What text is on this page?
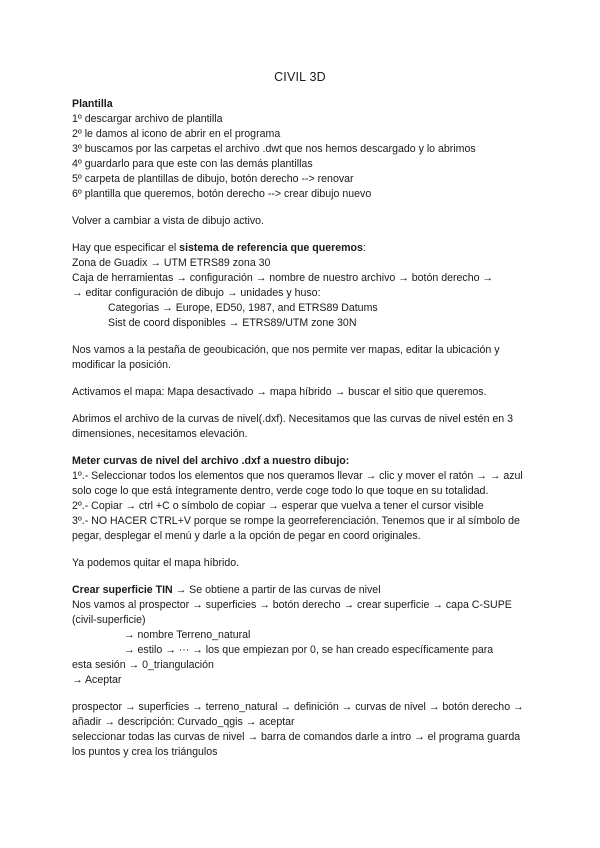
CIVIL 3D

Plantilla

1º descargar archivo de plantilla

2º le damos al icono de abrir en el programa

3º buscamos por las carpetas el archivo .dwt que nos hemos descargado y lo abrimos

4º guardarlo para que este con las demás plantillas

5º carpeta de plantillas de dibujo, botón derecho --> renovar

6º plantilla que queremos, botón derecho --> crear dibujo nuevo

Volver a cambiar a vista de dibujo activo.

Hay que especificar el sistema de referencia que queremos:

Zona de Guadix → UTM ETRS89 zona 30

Caja de herramientas → configuración → nombre de nuestro archivo → botón derecho →

→ editar configuración de dibujo → unidades y huso:

Categorias → Europe, ED50, 1987, and ETRS89 Datums

Sist de coord disponibles → ETRS89/UTM zone 30N

Nos vamos a la pestaña de geoubicación, que nos permite ver mapas, editar la ubicación y modificar la posición.

Activamos el mapa: Mapa desactivado → mapa híbrido → buscar el sitio que queremos.

Abrimos el archivo de la curvas de nivel(.dxf). Necesitamos que las curvas de nivel estén en 3 dimensiones, necesitamos elevación.

Meter curvas de nivel del archivo .dxf a nuestro dibujo:

1º.- Seleccionar todos los elementos que nos queramos llevar → clic y mover el ratón → → azul solo coge lo que está íntegramente dentro, verde coge todo lo que toque en su totalidad.

2º.- Copiar → ctrl +C o símbolo de copiar → esperar que vuelva a tener el cursor visible

3º.- NO HACER CTRL+V porque se rompe la georreferenciación. Tenemos que ir al símbolo de pegar, desplegar el menú y darle a la opción de pegar en coord originales.

Ya podemos quitar el mapa híbrido.

Crear superficie TIN → Se obtiene a partir de las curvas de nivel

Nos vamos al prospector → superficies → botón derecho → crear superficie → capa C-SUPE (civil-superficie)

→ nombre Terreno_natural

→ estilo → ··· → los que empiezan por 0, se han creado específicamente para

esta sesión → 0_triangulación

→ Aceptar

prospector → superficies → terreno_natural → definición → curvas de nivel → botón derecho → añadir → descripción: Curvado_qgis → aceptar

seleccionar todas las curvas de nivel → barra de comandos darle a intro → el programa guarda los puntos y crea los triángulos
